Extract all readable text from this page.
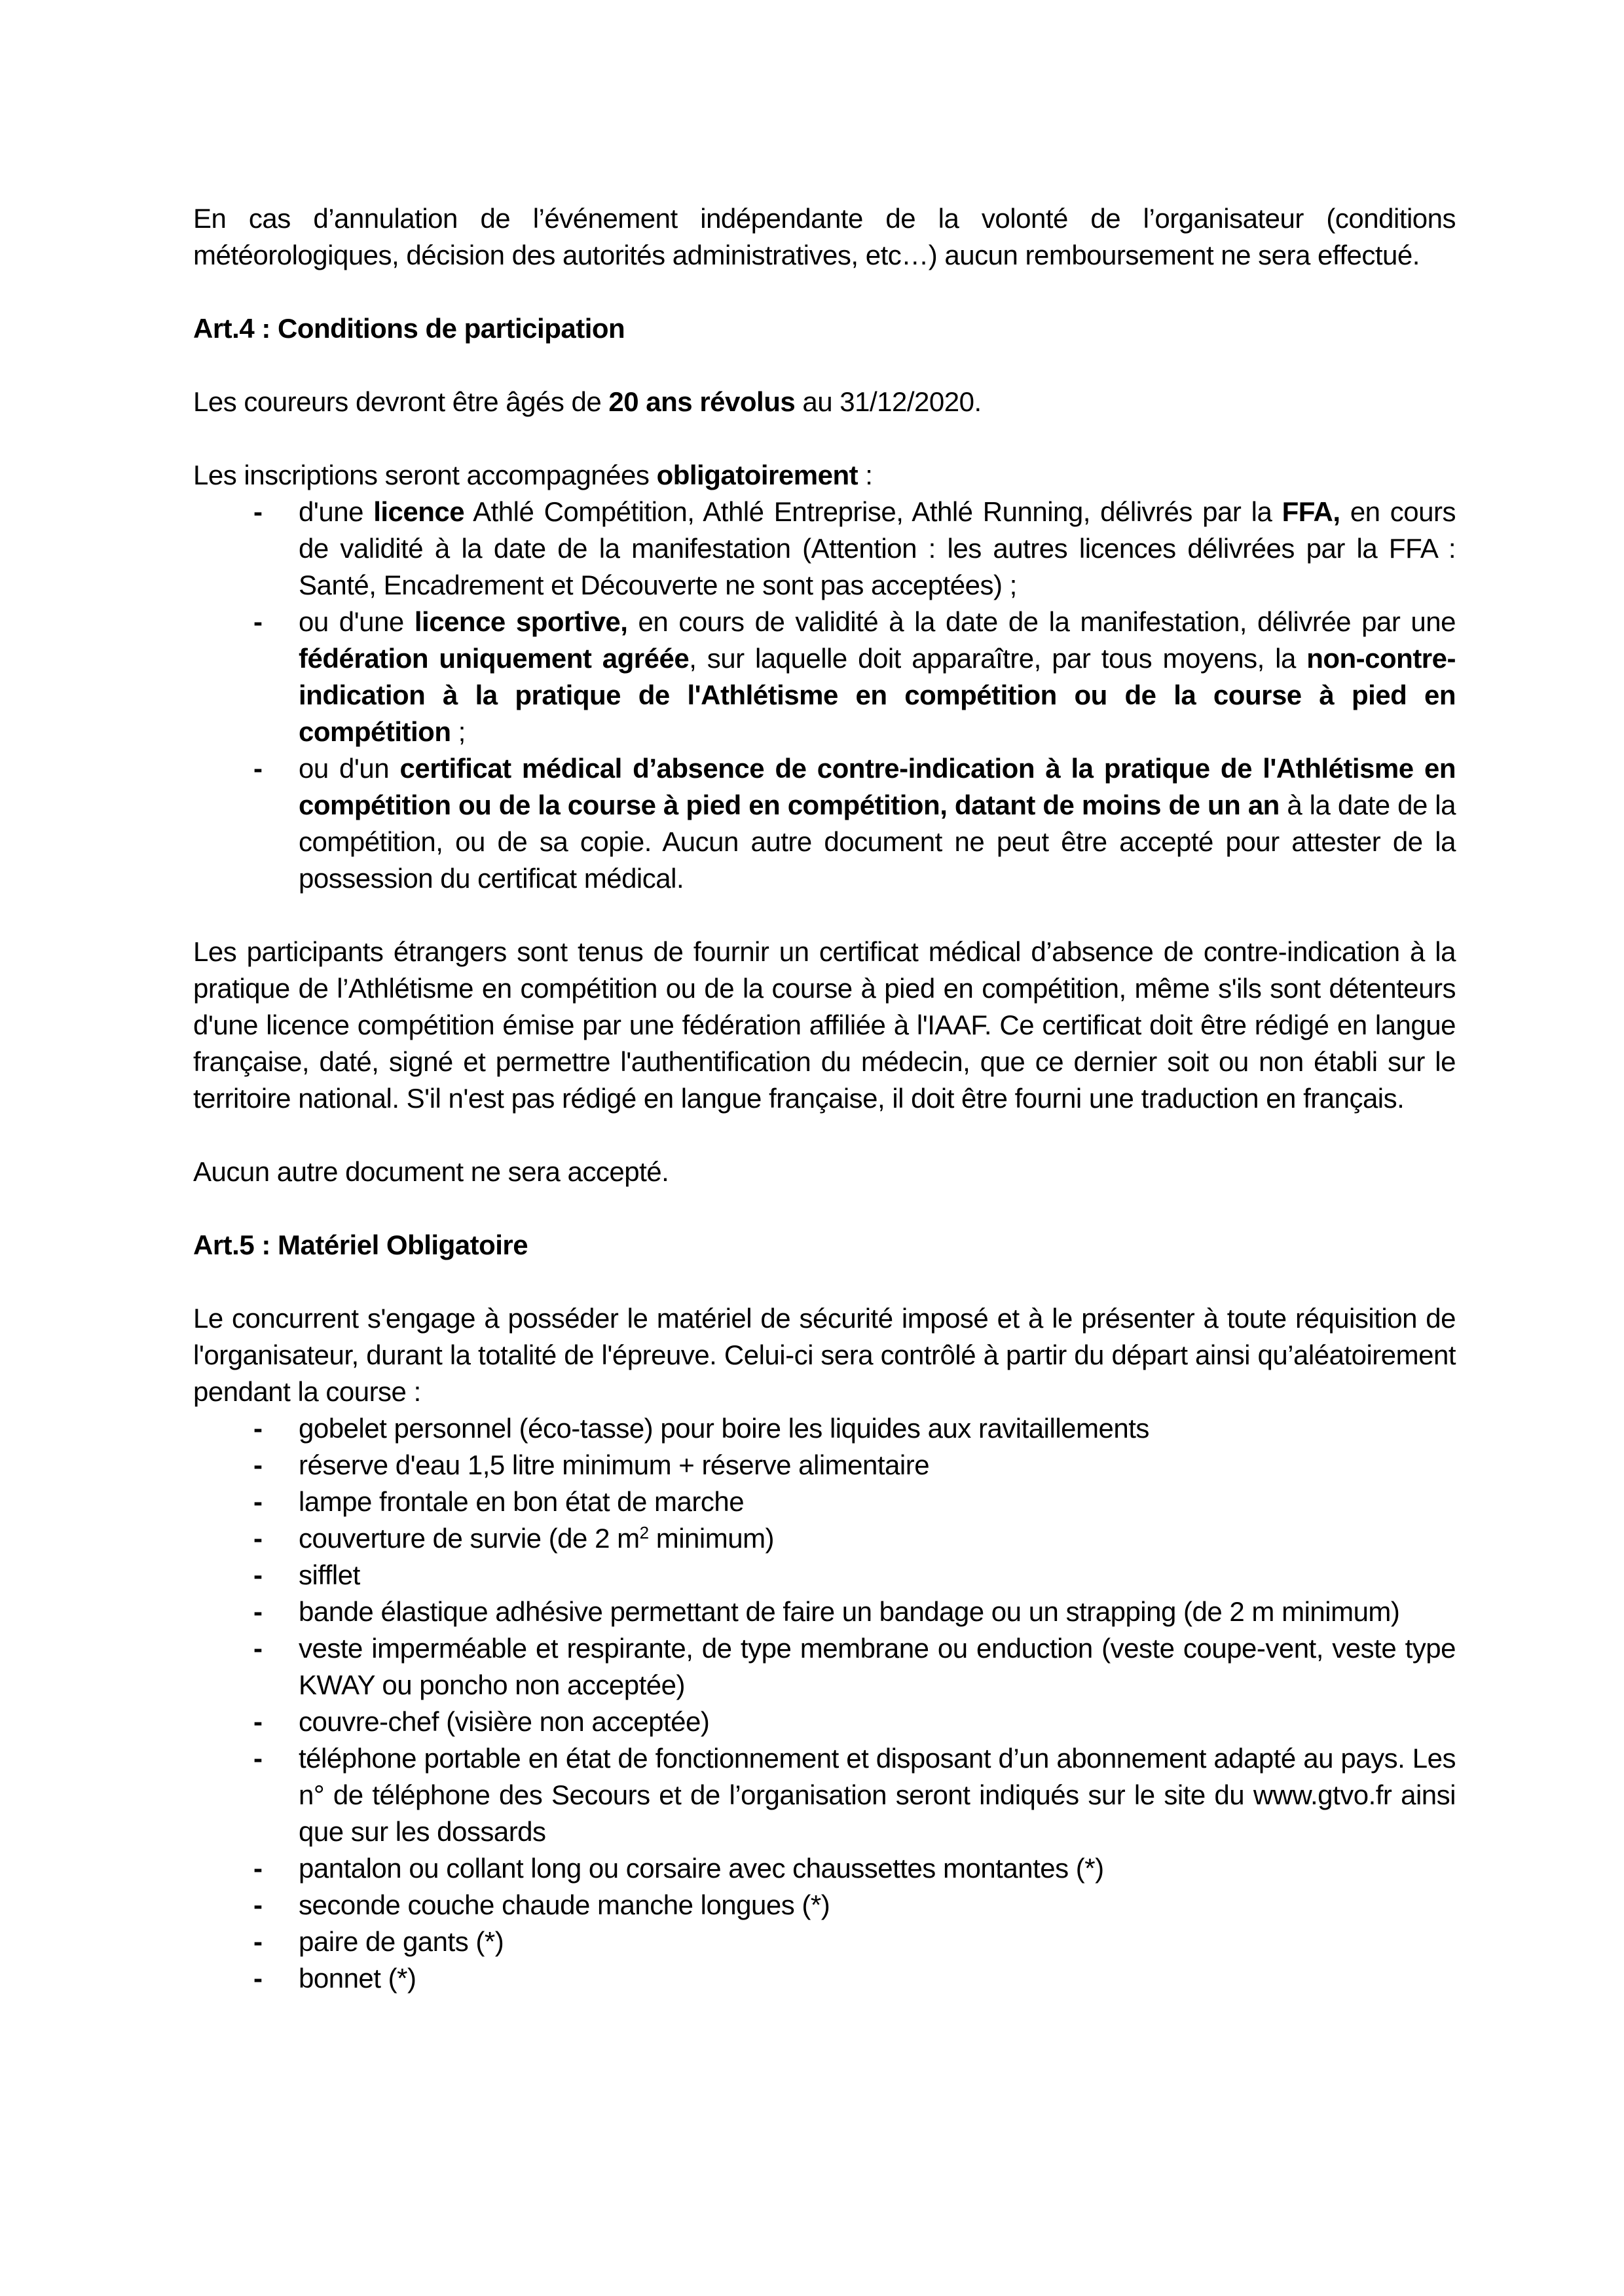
En cas d’annulation de l’événement indépendante de la volonté de l’organisateur (conditions météorologiques, décision des autorités administratives, etc…) aucun remboursement ne sera effectué.

Art.4 : Conditions de participation

Les coureurs devront être âgés de 20 ans révolus au 31/12/2020.

Les inscriptions seront accompagnées obligatoirement :

- d'une licence Athlé Compétition, Athlé Entreprise, Athlé Running, délivrés par la FFA, en cours de validité à la date de la manifestation (Attention : les autres licences délivrées par la FFA : Santé, Encadrement et Découverte ne sont pas acceptées) ;
- ou d'une licence sportive, en cours de validité à la date de la manifestation, délivrée par une fédération uniquement agréée, sur laquelle doit apparaître, par tous moyens, la non-contre-indication à la pratique de l'Athlétisme en compétition ou de la course à pied en compétition ;
- ou d'un certificat médical d’absence de contre-indication à la pratique de l'Athlétisme en compétition ou de la course à pied en compétition, datant de moins de un an à la date de la compétition, ou de sa copie. Aucun autre document ne peut être accepté pour attester de la possession du certificat médical.

Les participants étrangers sont tenus de fournir un certificat médical d’absence de contre-indication à la pratique de l’Athlétisme en compétition ou de la course à pied en compétition, même s'ils sont détenteurs d'une licence compétition émise par une fédération affiliée à l'IAAF. Ce certificat doit être rédigé en langue française, daté, signé et permettre l'authentification du médecin, que ce dernier soit ou non établi sur le territoire national. S'il n'est pas rédigé en langue française, il doit être fourni une traduction en français.

Aucun autre document ne sera accepté.

Art.5 : Matériel Obligatoire

Le concurrent s'engage à posséder le matériel de sécurité imposé et à le présenter à toute réquisition de l'organisateur, durant la totalité de l'épreuve. Celui-ci sera contrôlé à partir du départ ainsi qu’aléatoirement pendant la course :

- gobelet personnel (éco-tasse) pour boire les liquides aux ravitaillements
- réserve d'eau 1,5 litre minimum + réserve alimentaire
- lampe frontale en bon état de marche
- couverture de survie (de 2 $m^2$ minimum)
- sifflet
- bande élastique adhésive permettant de faire un bandage ou un strapping (de 2 m minimum)
- veste imperméable et respirante, de type membrane ou enduction (veste coupe-vent, veste type KWAY ou poncho non acceptée)
- couvre-chef (visière non acceptée)
- téléphone portable en état de fonctionnement et disposant d’un abonnement adapté au pays. Les n° de téléphone des Secours et de l’organisation seront indiqués sur le site du www.gtvo.fr ainsi que sur les dossards
- pantalon ou collant long ou corsaire avec chaussettes montantes (*)
- seconde couche chaude manche longues (*)
- paire de gants (*)
- bonnet (*)
